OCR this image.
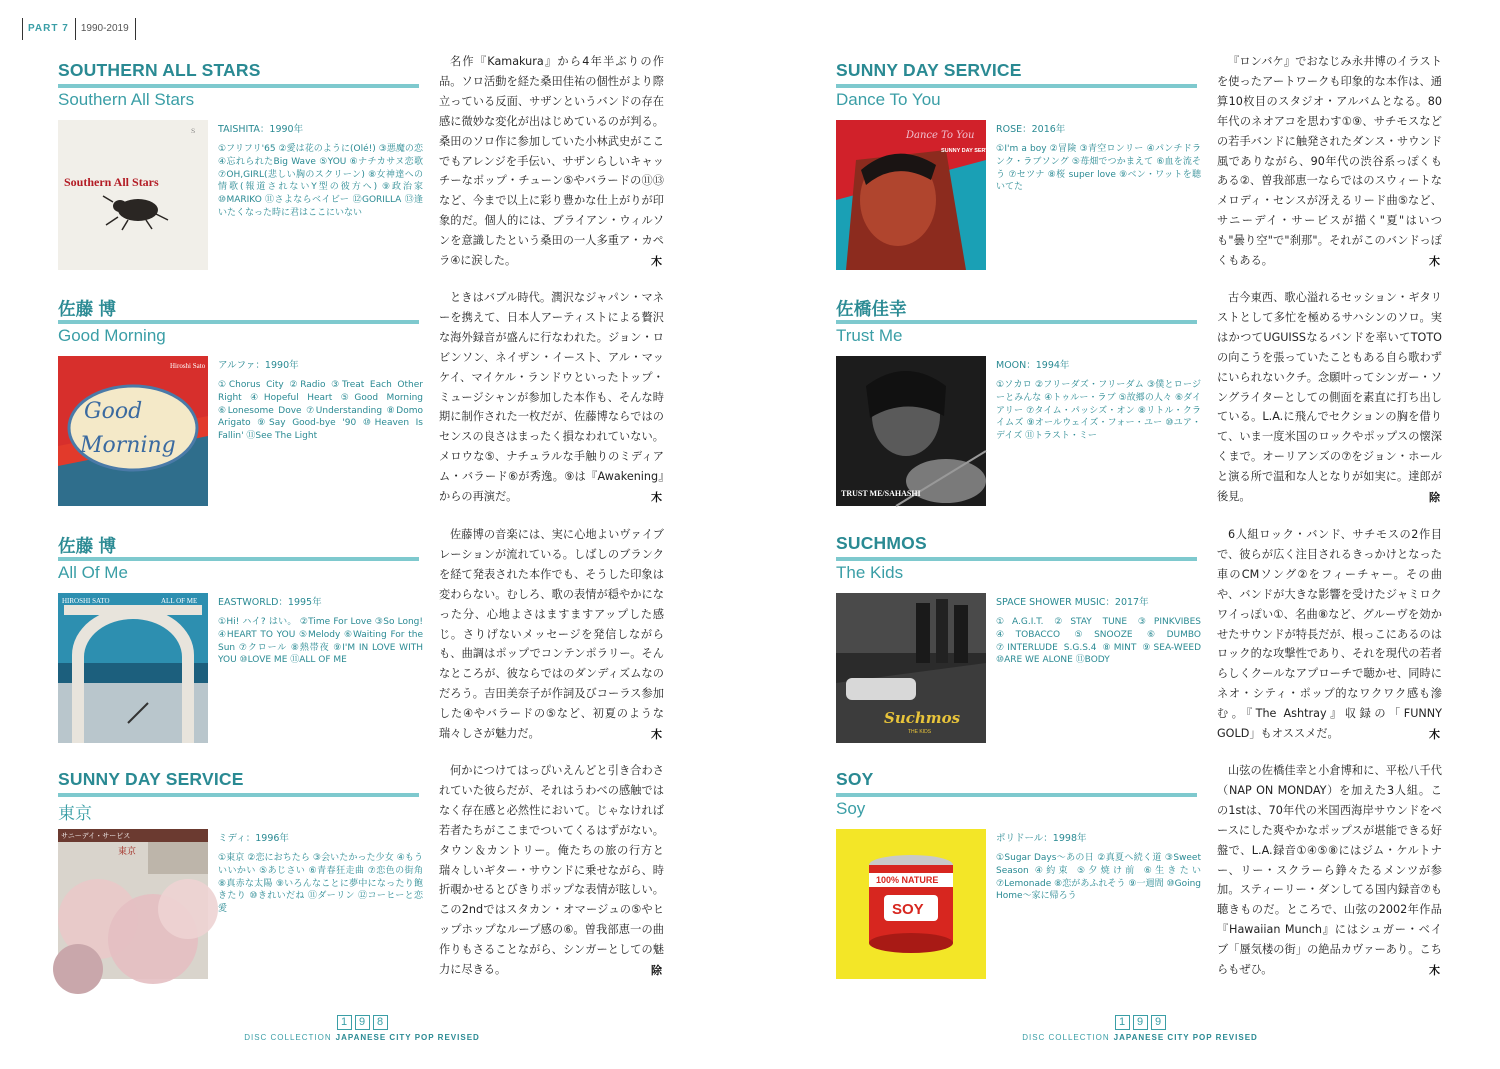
PART 7	1990-2019
SOUTHERN ALL STARS
Southern All Stars
Southern All Stars
Ｓ TAISHITA：1990年
①フリフリ'65 ②愛は花のように(Olé!) ③悪魔の恋 ④忘れられたBig Wave ⑤YOU ⑥ナチカサヌ恋歌 ⑦OH,GIRL(悲しい胸のスクリーン) ⑧女神達への情歌(報道されないY型の彼方へ) ⑨政治家 ⑩MARIKO ⑪さよならベイビー ⑫GORILLA ⑬逢いたくなった時に君はここにいない
名作『Kamakura』から4年半ぶりの作品。ソロ活動を経た桑田佳祐の個性がより際立っている反面、サザンというバンドの存在感に微妙な変化が出はじめているのが判る。桑田のソロ作に参加していた小林武史がここでもアレンジを手伝い、サザンらしいキャッチーなポップ・チューン⑤やバラードの⑪⑬など、今まで以上に彩り豊かな仕上がりが印象的だ。個人的には、ブライアン・ウィルソンを意識したという桑田の一人多重ア・カペラ④に涙した。	木
佐藤 博
Good Morning
Hiroshi Sato
Good
Morning
アルファ：1990年
①Chorus City ②Radio ③Treat Each Other Right ④Hopeful Heart ⑤Good Morning ⑥Lonesome Dove ⑦Understanding ⑧Domo Arigato ⑨Say Good-bye '90 ⑩Heaven Is Fallin' ⑪See The Light
ときはバブル時代。潤沢なジャパン・マネーを携えて、日本人アーティストによる贅沢な海外録音が盛んに行なわれた。ジョン・ロビンソン、ネイザン・イースト、アル・マッケイ、マイケル・ランドウといったトップ・ミュージシャンが参加した本作も、そんな時期に制作された一枚だが、佐藤博ならではのセンスの良さはまったく損なわれていない。メロウな⑤、ナチュラルな手触りのミディアム・バラード⑥が秀逸。⑨は『Awakening』からの再演だ。	木
佐藤 博
All Of Me
HIROSHI SATO	ALL OF ME EASTWORLD：1995年
①Hi! ハイ? はい。 ②Time For Love ③So Long! ④HEART TO YOU ⑤Melody ⑥Waiting For the Sun ⑦クロール ⑧熱帯夜 ⑨I'M IN LOVE WITH YOU ⑩LOVE ME ⑪ALL OF ME
佐藤博の音楽には、実に心地よいヴァイブレーションが流れている。しばしのブランクを経て発表された本作でも、そうした印象は変わらない。むしろ、歌の表情が穏やかになった分、心地よさはますますアップした感じ。さりげないメッセージを発信しながらも、曲調はポップでコンテンポラリー。そんなところが、彼ならではのダンディズムなのだろう。吉田美奈子が作詞及びコーラス参加した④やバラードの⑤など、初夏のような瑞々しさが魅力だ。	木
SUNNY DAY SERVICE
東京
サニーデイ・サービス
東京
ミディ：1996年
①東京 ②恋におちたら ③会いたかった少女 ④もういいかい ⑤あじさい ⑥青春狂走曲 ⑦恋色の街角 ⑧真赤な太陽 ⑨いろんなことに夢中になったり飽きたり ⑩きれいだね ⑪ダーリン ⑫コーヒーと恋愛
何かにつけてはっぴいえんどと引き合わされていた彼らだが、それはうわべの感触ではなく存在感と必然性において。じゃなければ若者たちがここまでついてくるはずがない。タウン＆カントリー。俺たちの旅の行方と瑞々しいギター・サウンドに乗せながら、時折覗かせるとびきりポップな表情が眩しい。この2ndではスタカン・オマージュの⑤やヒップホップなループ感の⑥。曽我部恵一の曲作りもさることながら、シンガーとしての魅力に尽きる。	除
SUNNY DAY SERVICE
Dance To You
Dance To You
SUNNY DAY SERVICE
ROSE：2016年
①I'm a boy ②冒険 ③青空ロンリー ④パンチドランク・ラブソング ⑤苺畑でつかまえて ⑥血を流そう ⑦セツナ ⑧桜 super love ⑨ベン・ワットを聴いてた
『ロンバケ』でおなじみ永井博のイラストを使ったアートワークも印象的な本作は、通算10枚目のスタジオ・アルバムとなる。80年代のネオアコを思わす①⑨、サチモスなどの若手バンドに触発されたダンス・サウンド風でありながら、90年代の渋谷系っぽくもある②、曽我部恵一ならではのスウィートなメロディ・センスが冴えるリード曲⑤など、サニーデイ・サービスが描く"夏"はいつも"曇り空"で"刹那"。それがこのバンドっぽくもある。	木
佐橋佳幸
Trust Me
TRUST ME/SAHASHI
MOON：1994年
①ソカロ ②フリーダズ・フリーダム ③僕とロージーとみんな ④トゥルー・ラブ ⑤故郷の人々 ⑥ダイアリー ⑦タイム・パッシズ・オン ⑧リトル・クライムズ ⑨オールウェイズ・フォー・ユー ⑩ユア・デイズ ⑪トラスト・ミー
古今東西、歌心溢れるセッション・ギタリストとして多忙を極めるサハシンのソロ。実はかつてUGUISSなるバンドを率いてTOTOの向こうを張っていたこともある自ら歌わずにいられないクチ。念願叶ってシンガー・ソングライターとしての側面を素直に打ち出している。L.A.に飛んでセクションの胸を借りて、いま一度米国のロックやポップスの懐深くまで。オーリアンズの⑦をジョン・ホールと演る所で温和な人となりが如実に。達郎が後見。	除
SUCHMOS
The Kids
Suchmos
THE KIDS
SPACE SHOWER MUSIC：2017年
①A.G.I.T. ②STAY TUNE ③PINKVIBES ④TOBACCO ⑤SNOOZE ⑥DUMBO ⑦INTERLUDE S.G.S.4 ⑧MINT ⑨SEA-WEED ⑩ARE WE ALONE ⑪BODY
6人組ロック・バンド、サチモスの2作目で、彼らが広く注目されるきっかけとなった車のCMソング②をフィーチャー。その曲や、バンドが大きな影響を受けたジャミロクワイっぽい①、名曲⑧など、グルーヴを効かせたサウンドが特長だが、根っこにあるのはロック的な攻撃性であり、それを現代の若者らしくクールなアプローチで聴かせ、同時にネオ・シティ・ポップ的なワクワク感も滲む。『The Ashtray』収録の「FUNNY GOLD」もオススメだ。	木
SOY
Soy
100% NATURE
SOY
ポリドール：1998年
①Sugar Days〜あの日 ②真夏へ続く道 ③Sweet Season ④約束 ⑤夕焼け前 ⑥生きたい ⑦Lemonade ⑧恋があふれそう ⑨一週間 ⑩Going Home〜家に帰ろう
山弦の佐橋佳幸と小倉博和に、平松八千代（NAP ON MONDAY）を加えた3人組。この1stは、70年代の米国西海岸サウンドをベースにした爽やかなポップスが堪能できる好盤で、L.A.録音①④⑤⑧にはジム・ケルトナー、リー・スクラーら錚々たるメンツが参加。スティーリー・ダンしてる国内録音⑦も聴きものだ。ところで、山弦の2002年作品『Hawaiian Munch』にはシュガー・ベイブ「蜃気楼の街」の絶品カヴァーあり。こちらもぜひ。	木
1	9	8
DISC COLLECTION JAPANESE CITY POP REVISED
1	9	9
DISC COLLECTION JAPANESE CITY POP REVISED
